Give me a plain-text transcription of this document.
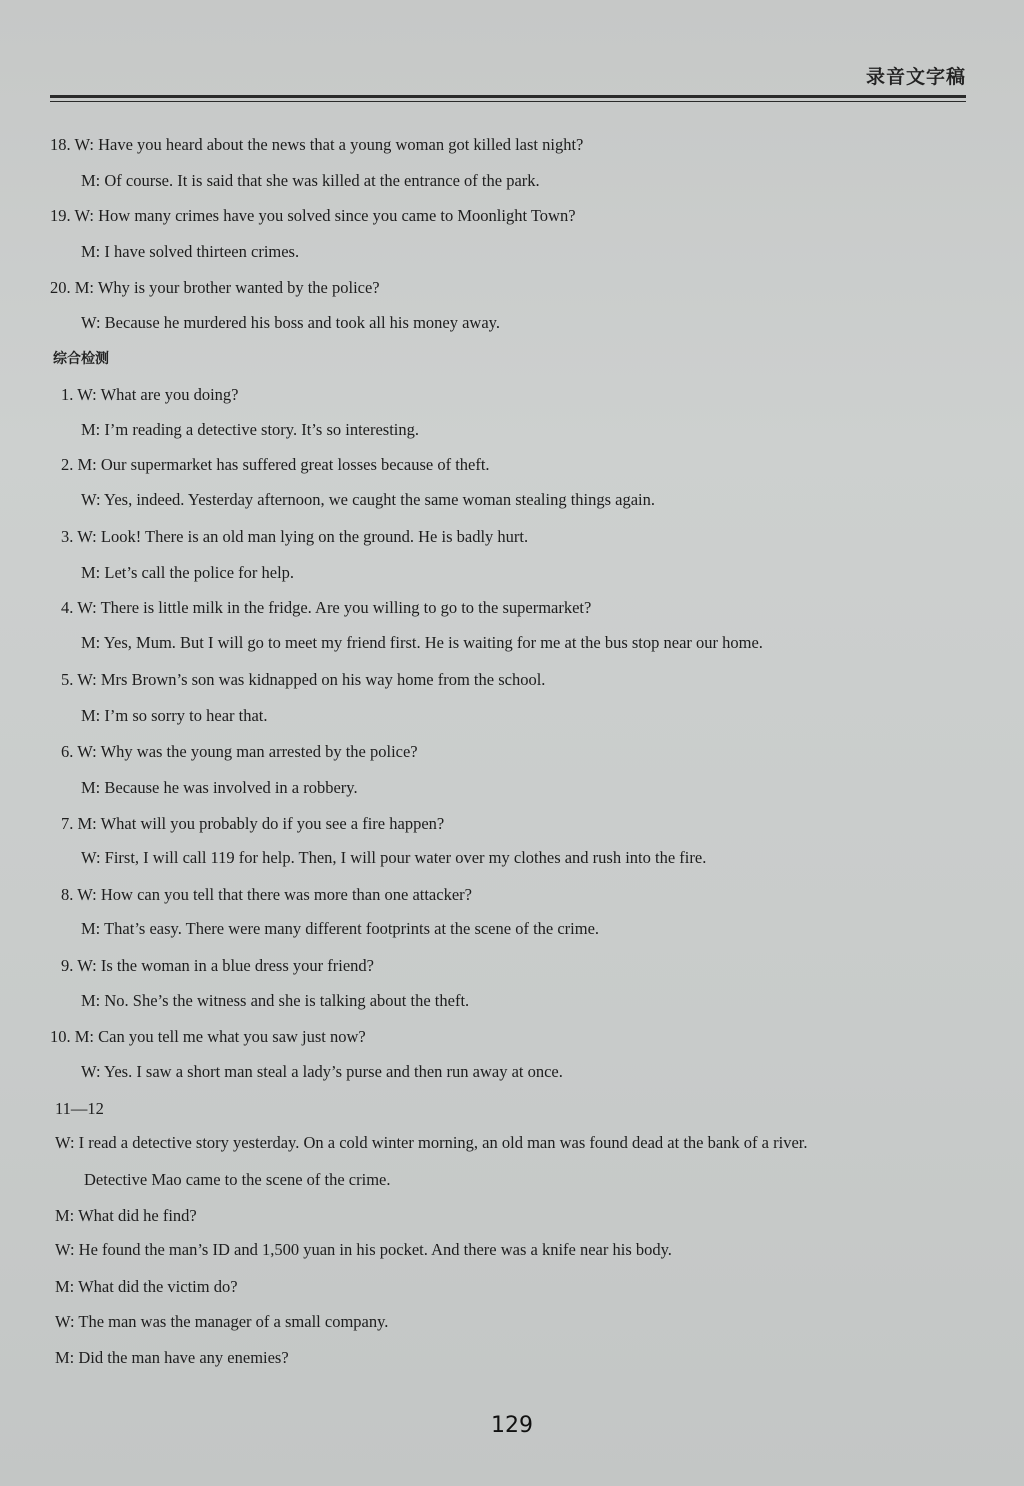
录音文字稿
18. W: Have you heard about the news that a young woman got killed last night?
M: Of course. It is said that she was killed at the entrance of the park.
19. W: How many crimes have you solved since you came to Moonlight Town?
M: I have solved thirteen crimes.
20. M: Why is your brother wanted by the police?
W: Because he murdered his boss and took all his money away.
综合检测
1. W: What are you doing?
M: I’m reading a detective story. It’s so interesting.
2. M: Our supermarket has suffered great losses because of theft.
W: Yes, indeed. Yesterday afternoon, we caught the same woman stealing things again.
3. W: Look! There is an old man lying on the ground. He is badly hurt.
M: Let’s call the police for help.
4. W: There is little milk in the fridge. Are you willing to go to the supermarket?
M: Yes, Mum. But I will go to meet my friend first. He is waiting for me at the bus stop near our home.
5. W: Mrs Brown’s son was kidnapped on his way home from the school.
M: I’m so sorry to hear that.
6. W: Why was the young man arrested by the police?
M: Because he was involved in a robbery.
7. M: What will you probably do if you see a fire happen?
W: First, I will call 119 for help. Then, I will pour water over my clothes and rush into the fire.
8. W: How can you tell that there was more than one attacker?
M: That’s easy. There were many different footprints at the scene of the crime.
9. W: Is the woman in a blue dress your friend?
M: No. She’s the witness and she is talking about the theft.
10. M: Can you tell me what you saw just now?
W: Yes. I saw a short man steal a lady’s purse and then run away at once.
11—12
W: I read a detective story yesterday. On a cold winter morning, an old man was found dead at the bank of a river.
Detective Mao came to the scene of the crime.
M: What did he find?
W: He found the man’s ID and 1,500 yuan in his pocket. And there was a knife near his body.
M: What did the victim do?
W: The man was the manager of a small company.
M: Did the man have any enemies?
129
